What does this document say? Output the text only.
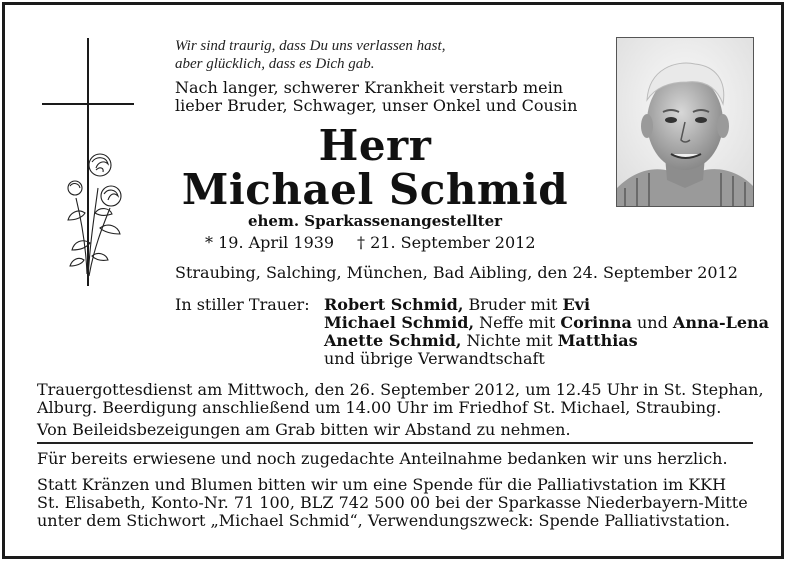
Wir sind traurig, dass Du uns verlassen hast,
aber glücklich, dass es Dich gab.
Nach langer, schwerer Krankheit verstarb mein
lieber Bruder, Schwager, unser Onkel und Cousin
Herr
Michael Schmid
ehem. Sparkassenangestellter
* 19. April 1939 † 21. September 2012
Straubing, Salching, München, Bad Aibling, den 24. September 2012
In stiller Trauer: Robert Schmid, Bruder mit Evi
Michael Schmid, Neffe mit Corinna und Anna-Lena
Anette Schmid, Nichte mit Matthias
und übrige Verwandtschaft
Trauergottesdienst am Mittwoch, den 26. September 2012, um 12.45 Uhr in St. Stephan,
Alburg. Beerdigung anschließend um 14.00 Uhr im Friedhof St. Michael, Straubing.
Von Beileidsbezeigungen am Grab bitten wir Abstand zu nehmen.
Für bereits erwiesene und noch zugedachte Anteilnahme bedanken wir uns herzlich.
Statt Kränzen und Blumen bitten wir um eine Spende für die Palliativstation im KKH
St. Elisabeth, Konto-Nr. 71 100, BLZ 742 500 00 bei der Sparkasse Niederbayern-Mitte
unter dem Stichwort „Michael Schmid“, Verwendungszweck: Spende Palliativstation.
